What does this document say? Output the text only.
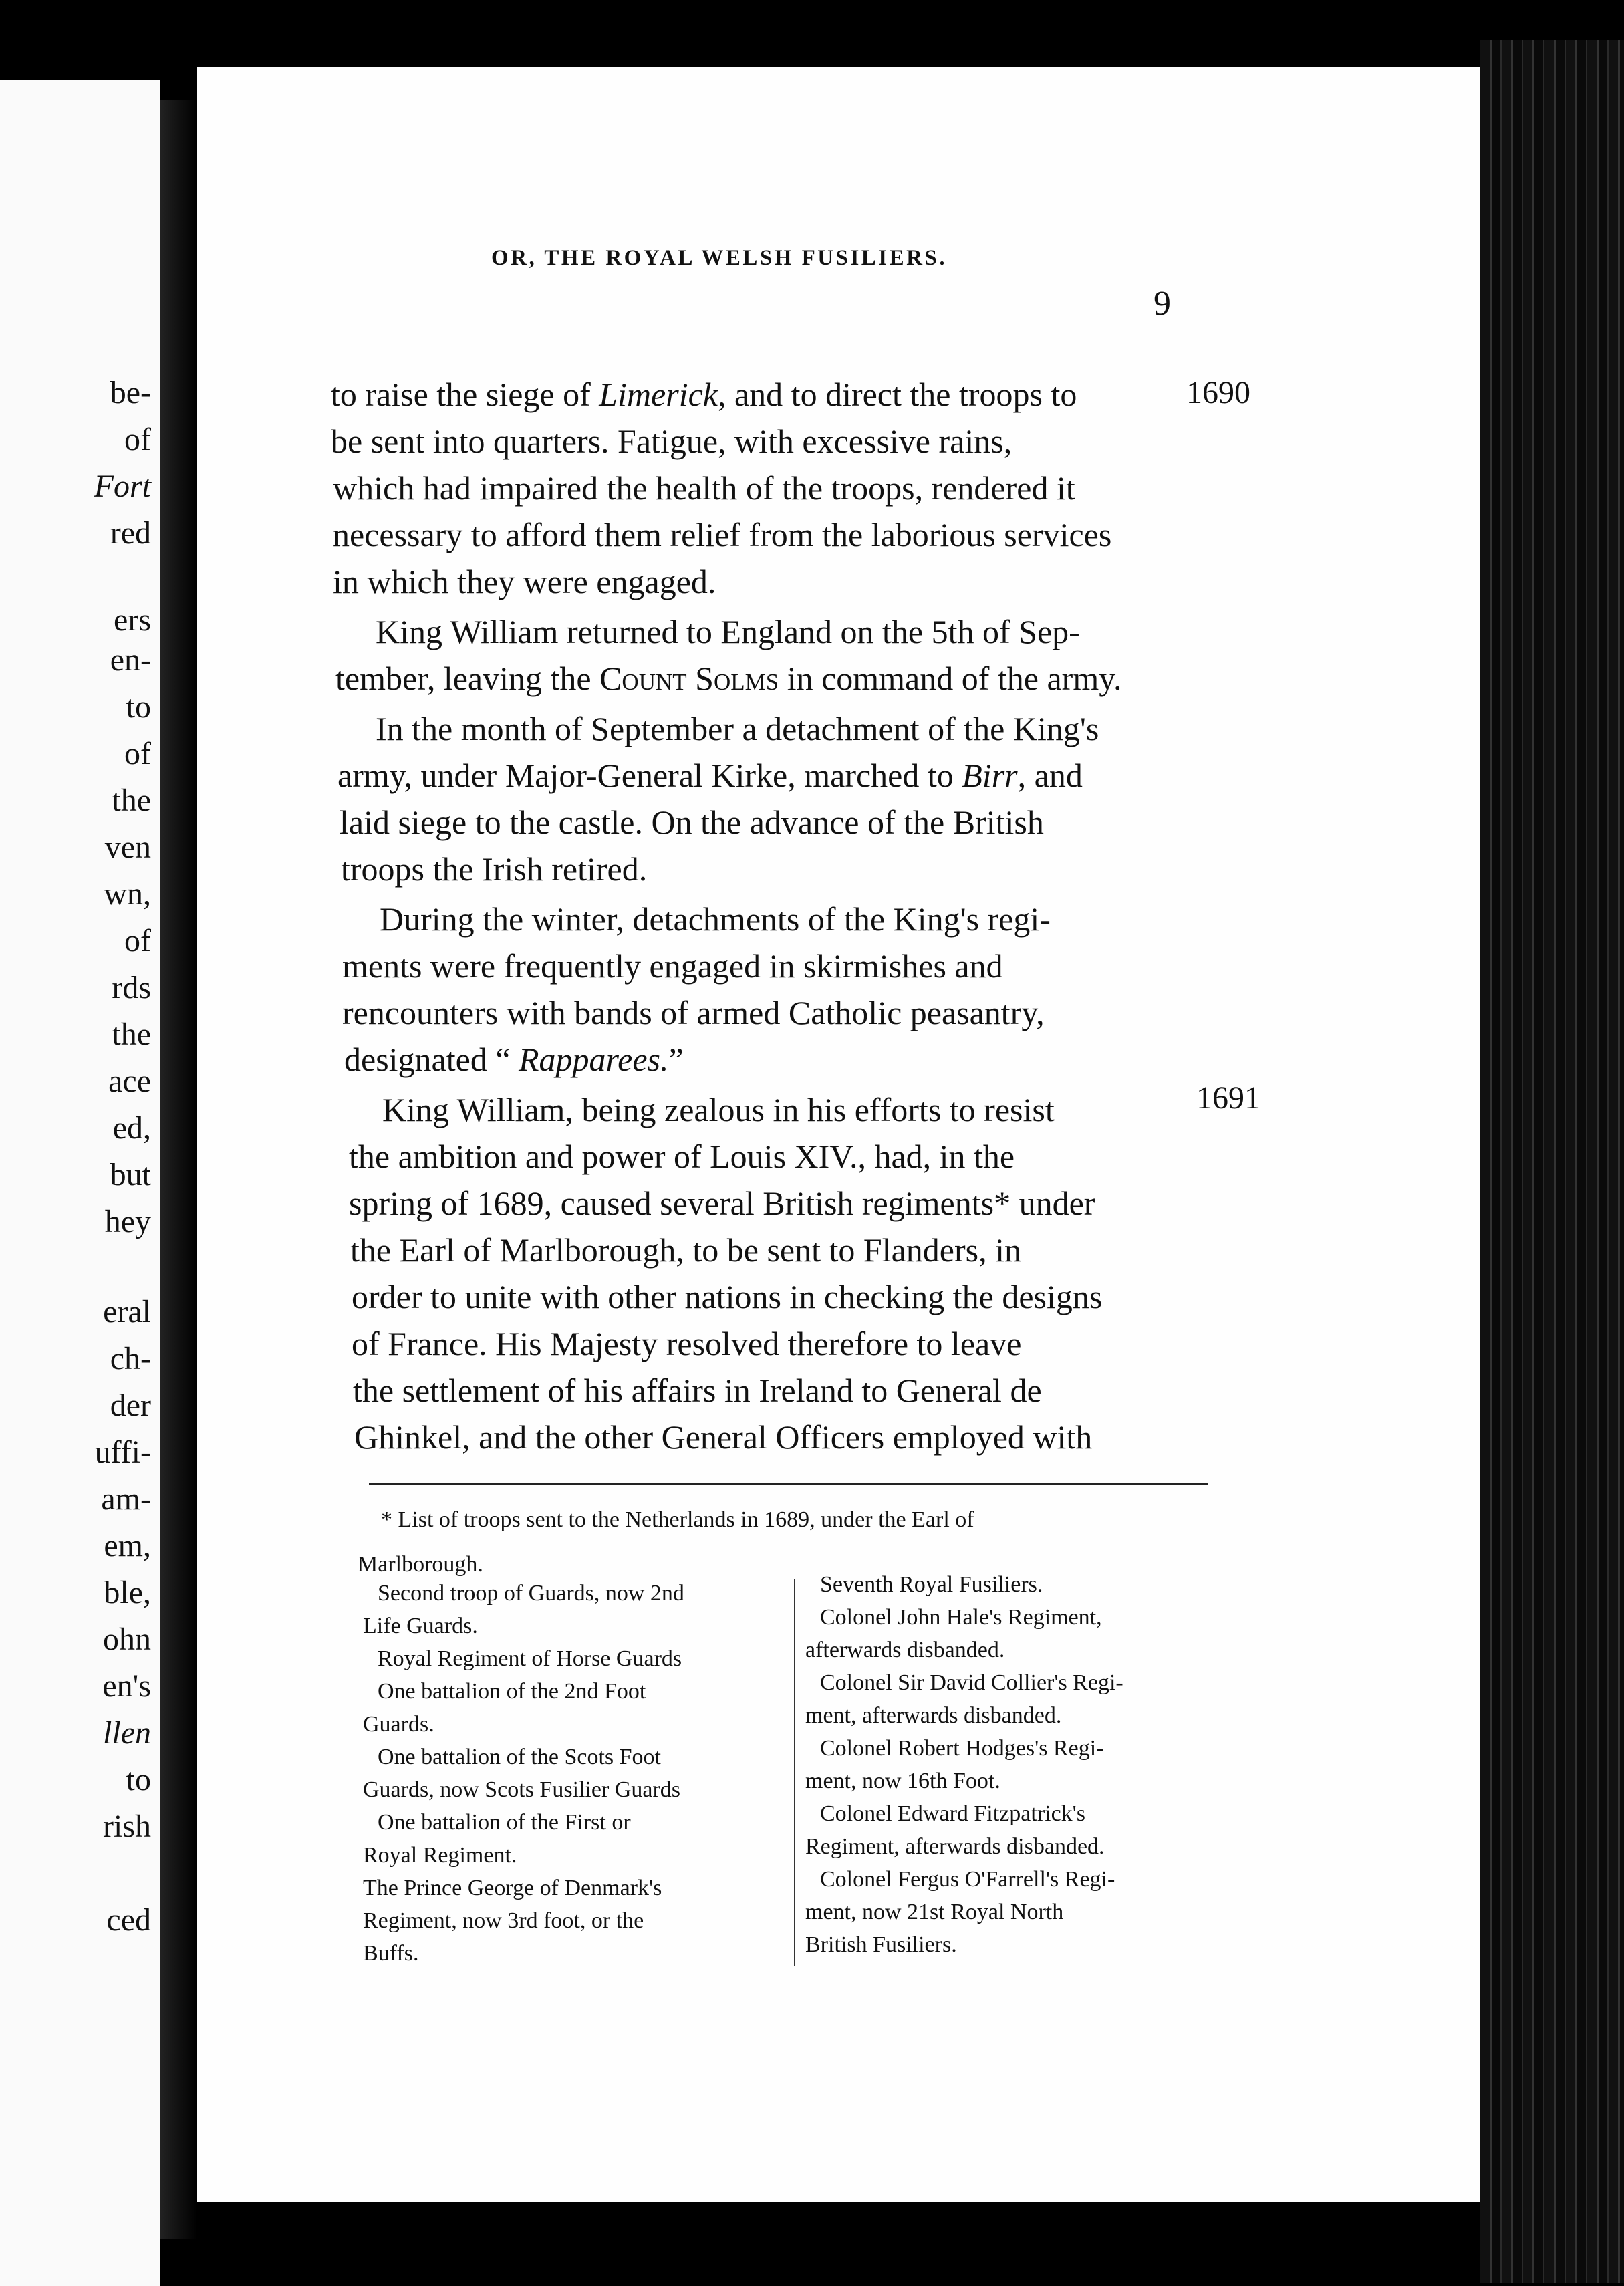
be-
of
Fort
red
ers
en-
to
of
the
ven
wn,
of
rds
the
ace
ed,
but
hey
eral
ch-
der
uffi-
am-
em,
ble,
ohn
en's
llen
to
rish
ced
OR, THE ROYAL WELSH FUSILIERS.
9
to raise the siege of Limerick, and to direct the troops to	1690
be sent into quarters. Fatigue, with excessive rains,
which had impaired the health of the troops, rendered it
necessary to afford them relief from the laborious services
in which they were engaged.
King William returned to England on the 5th of Sep-
tember, leaving the Count Solms in command of the army.
In the month of September a detachment of the King's
army, under Major-General Kirke, marched to Birr, and
laid siege to the castle. On the advance of the British
troops the Irish retired.
During the winter, detachments of the King's regi-
ments were frequently engaged in skirmishes and
rencounters with bands of armed Catholic peasantry,
designated “ Rapparees.”
King William, being zealous in his efforts to resist	1691
the ambition and power of Louis XIV., had, in the
spring of 1689, caused several British regiments* under
the Earl of Marlborough, to be sent to Flanders, in
order to unite with other nations in checking the designs
of France. His Majesty resolved therefore to leave
the settlement of his affairs in Ireland to General de
Ghinkel, and the other General Officers employed with
* List of troops sent to the Netherlands in 1689, under the Earl of
Marlborough.
Second troop of Guards, now 2nd
Life Guards.
Royal Regiment of Horse Guards
One battalion of the 2nd Foot
Guards.
One battalion of the Scots Foot
Guards, now Scots Fusilier Guards
One battalion of the First or
Royal Regiment.
The Prince George of Denmark's
Regiment, now 3rd foot, or the
Buffs.
Seventh Royal Fusiliers.
Colonel John Hale's Regiment,
afterwards disbanded.
Colonel Sir David Collier's Regi-
ment, afterwards disbanded.
Colonel Robert Hodges's Regi-
ment, now 16th Foot.
Colonel Edward Fitzpatrick's
Regiment, afterwards disbanded.
Colonel Fergus O'Farrell's Regi-
ment, now 21st Royal North
British Fusiliers.
